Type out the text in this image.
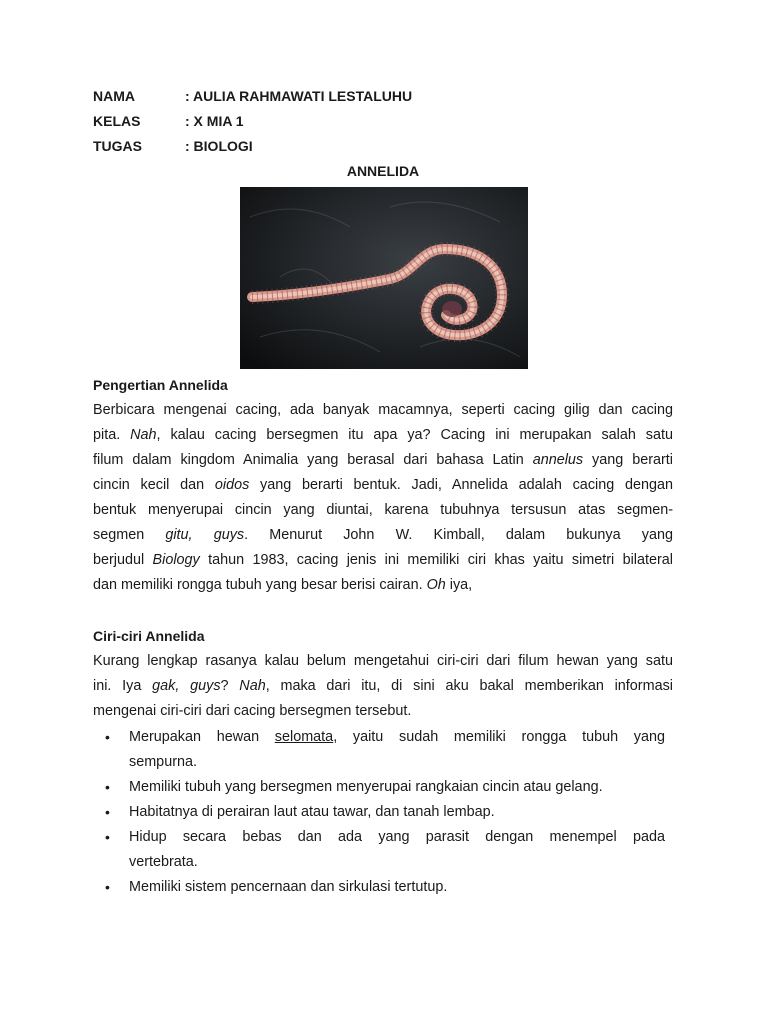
NAMA	: AULIA RAHMAWATI LESTALUHU
KELAS	: X MIA 1
TUGAS	: BIOLOGI
ANNELIDA
Pengertian Annelida
Berbicara mengenai cacing, ada banyak macamnya, seperti cacing gilig dan cacing
pita. Nah, kalau cacing bersegmen itu apa ya? Cacing ini merupakan salah satu
filum dalam kingdom Animalia yang berasal dari bahasa Latin annelus yang berarti
cincin kecil dan oidos yang berarti bentuk. Jadi, Annelida adalah cacing dengan
bentuk menyerupai cincin yang diuntai, karena tubuhnya tersusun atas segmen-
segmen gitu, guys. Menurut John W. Kimball, dalam bukunya yang
berjudul Biology tahun 1983, cacing jenis ini memiliki ciri khas yaitu simetri bilateral
dan memiliki rongga tubuh yang besar berisi cairan. Oh iya,
Ciri-ciri Annelida
Kurang lengkap rasanya kalau belum mengetahui ciri-ciri dari filum hewan yang satu
ini. Iya gak, guys? Nah, maka dari itu, di sini aku bakal memberikan informasi
mengenai ciri-ciri dari cacing bersegmen tersebut.
• Merupakan hewan selomata, yaitu sudah memiliki rongga tubuh yang
sempurna.
• Memiliki tubuh yang bersegmen menyerupai rangkaian cincin atau gelang.
• Habitatnya di perairan laut atau tawar, dan tanah lembap.
• Hidup secara bebas dan ada yang parasit dengan menempel pada
vertebrata.
• Memiliki sistem pencernaan dan sirkulasi tertutup.
